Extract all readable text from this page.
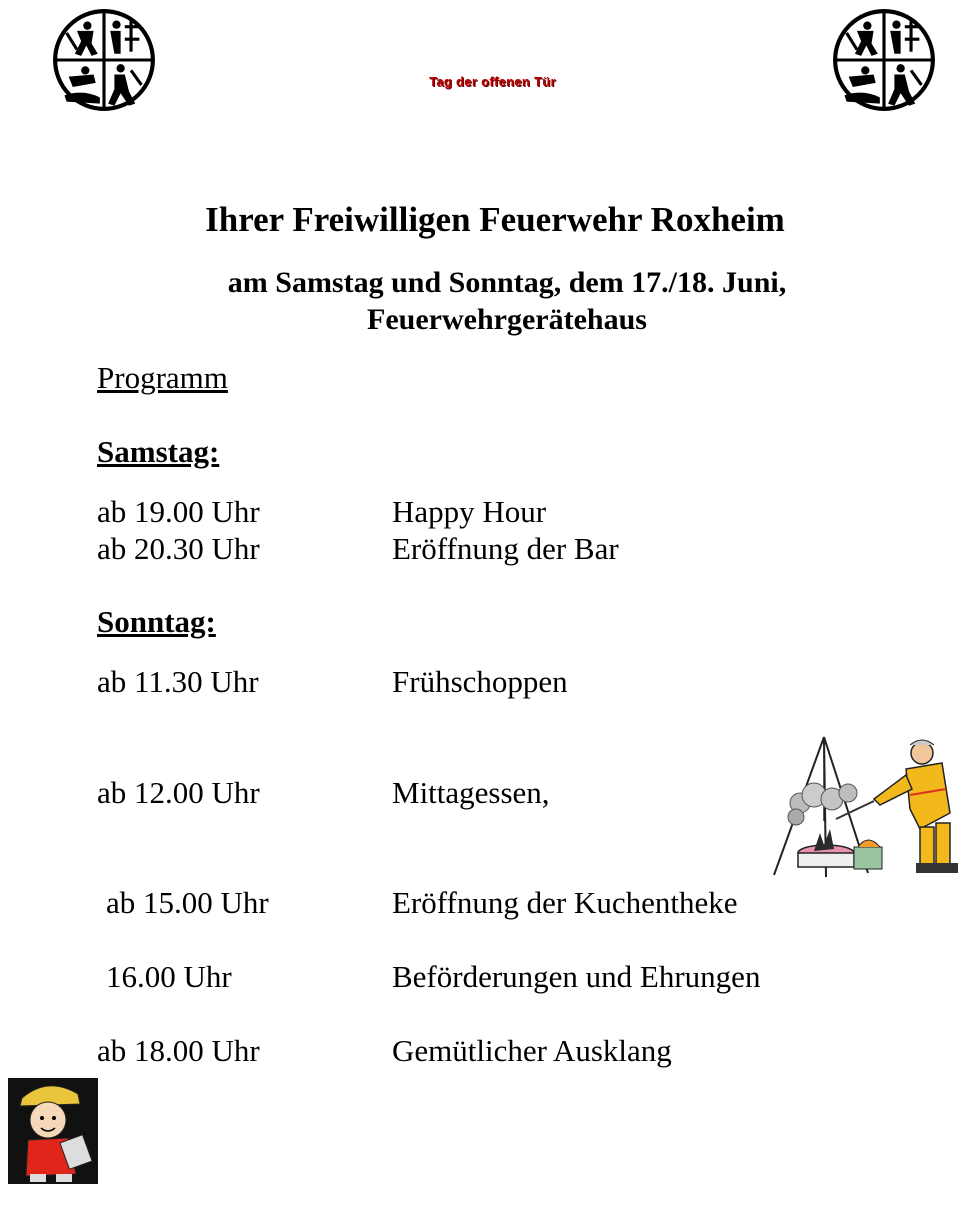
Tag der offenen Tür
Ihrer Freiwilligen Feuerwehr Roxheim
am Samstag und Sonntag, dem 17./18. Juni,
Feuerwehrgerätehaus
Programm
Samstag:
ab 19.00 Uhr	Happy Hour
ab 20.30 Uhr	Eröffnung der Bar
Sonntag:
ab 11.30 Uhr	Frühschoppen
ab 12.00 Uhr	Mittagessen,
ab 15.00 Uhr	Eröffnung der Kuchentheke
16.00 Uhr	Beförderungen und Ehrungen
ab 18.00 Uhr	Gemütlicher Ausklang
